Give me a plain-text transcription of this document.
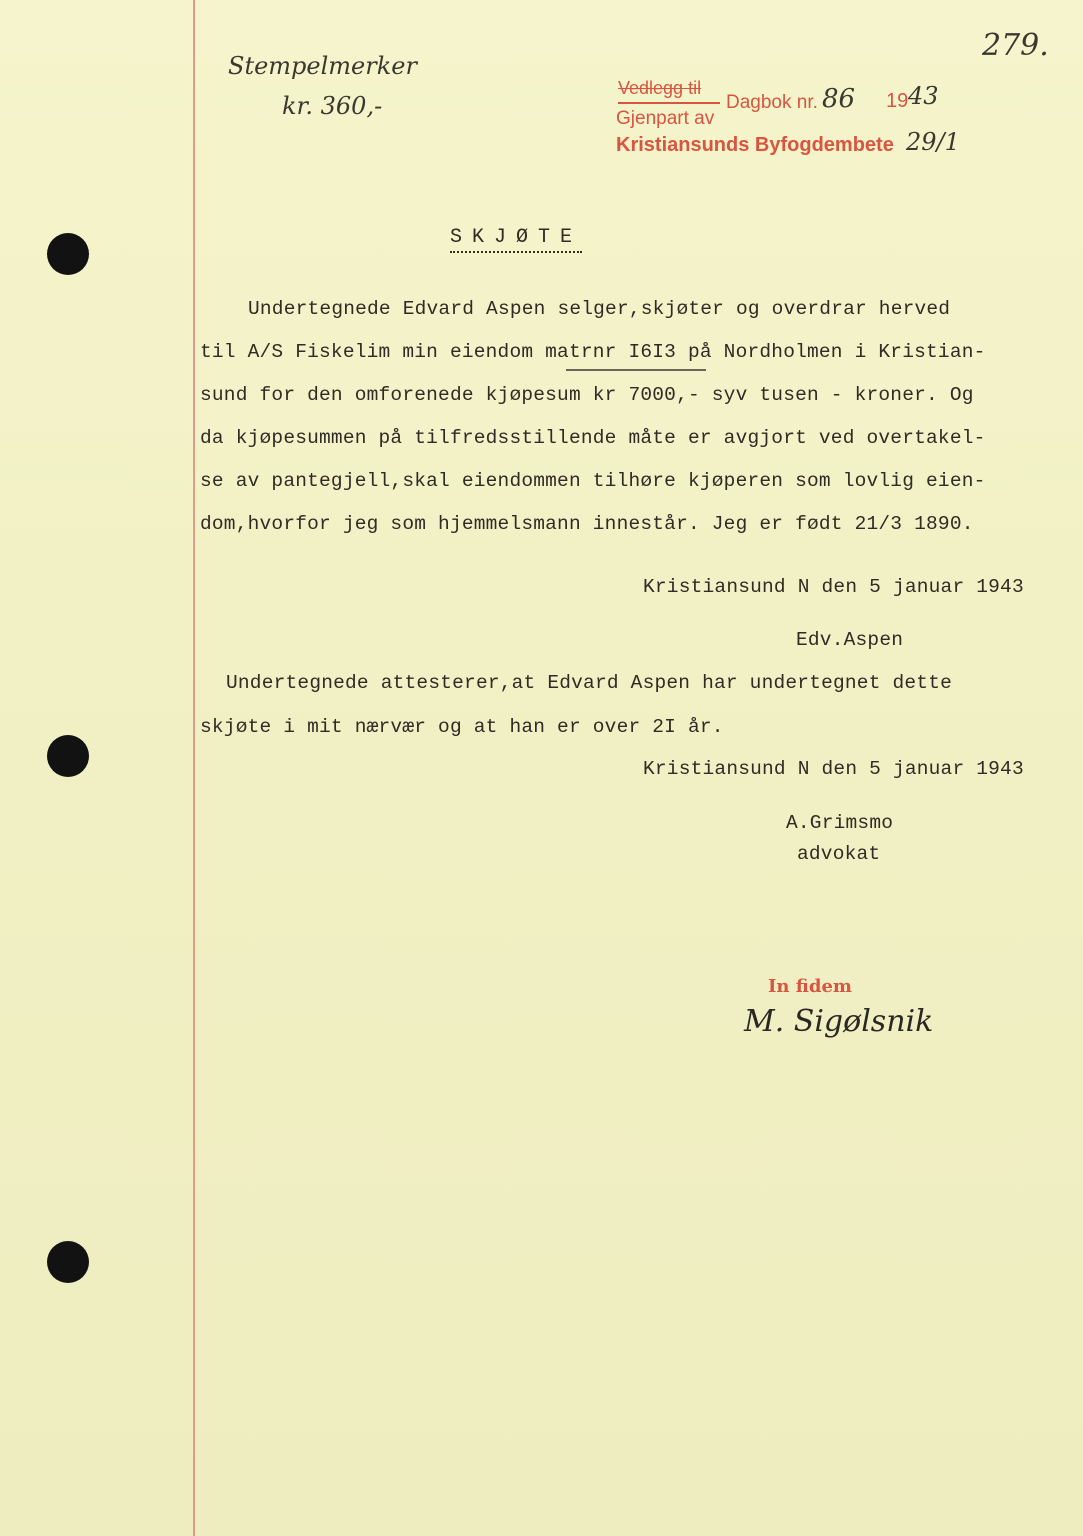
279.
Stempelmerker
kr. 360,-
Vedlegg til
Dagbok nr. 86 19 43
Gjenpart av
Kristiansunds Byfogdembete 29/1
SKJØTE
Undertegnede Edvard Aspen selger,skjøter og overdrar herved
til A/S Fiskelim min eiendom matrnr I6I3 på Nordholmen i Kristian-
sund for den omforenede kjøpesum kr 7000,- syv tusen - kroner. Og
da kjøpesummen på tilfredsstillende måte er avgjort ved overtakel-
se av pantegjell,skal eiendommen tilhøre kjøperen som lovlig eien-
dom,hvorfor jeg som hjemmelsmann innestår. Jeg er født 21/3 1890.
Kristiansund N den 5 januar 1943
Edv.Aspen
Undertegnede attesterer,at Edvard Aspen har undertegnet dette
skjøte i mit nærvær og at han er over 2I år.
Kristiansund N den 5 januar 1943
A.Grimsmo
advokat
In fidem
M. Sigølsnik
